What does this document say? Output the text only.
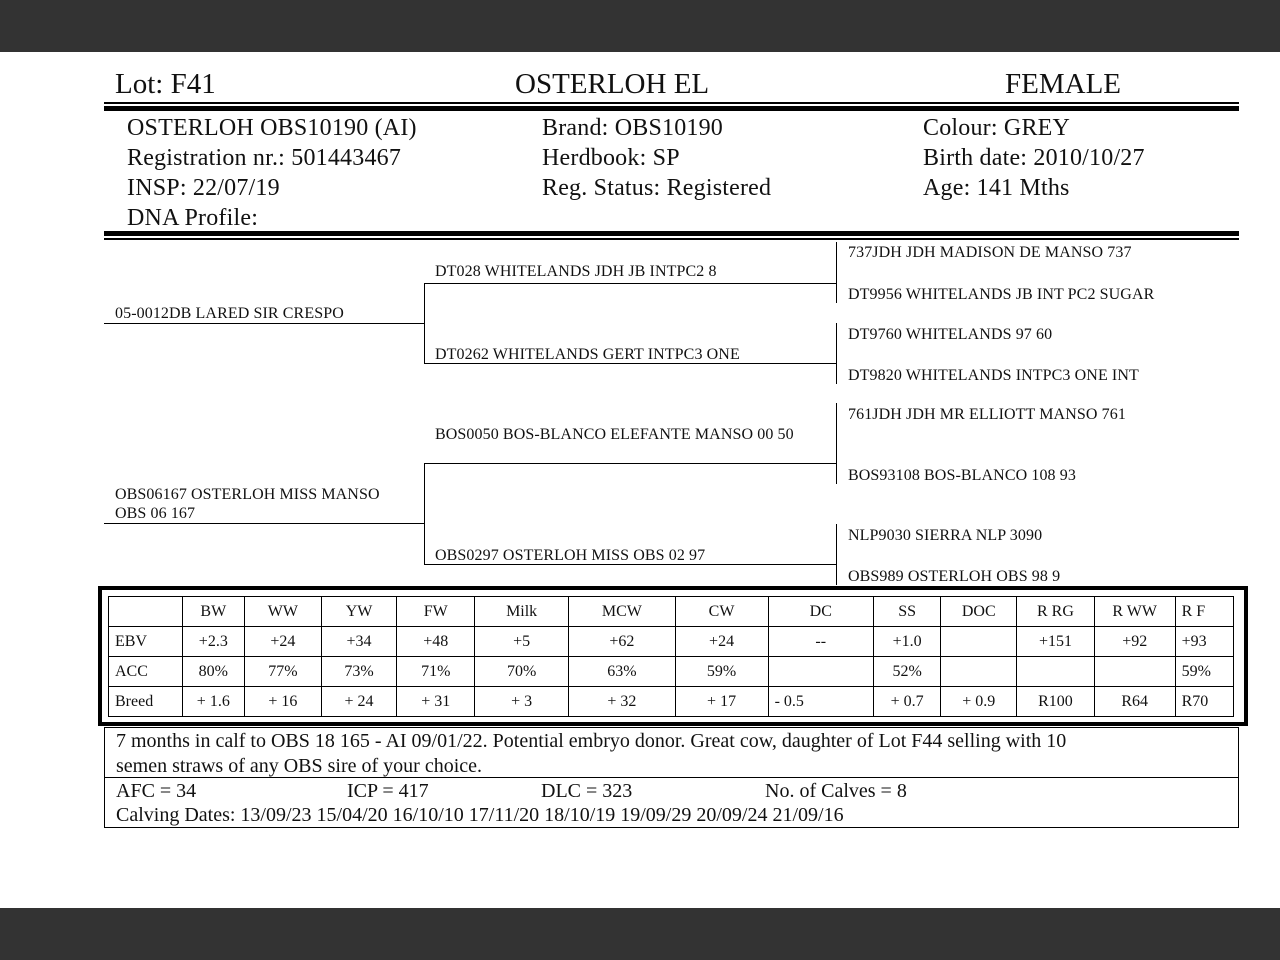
Lot: F41	OSTERLOH EL	FEMALE
OSTERLOH OBS10190 (AI)
Registration nr.: 501443467
INSP: 22/07/19
DNA Profile:
Brand: OBS10190
Herdbook: SP
Reg. Status: Registered
Colour: GREY
Birth date: 2010/10/27
Age: 141 Mths
05-0012DB LARED SIR CRESPO
OBS06167 OSTERLOH MISS MANSO OBS 06 167
DT028 WHITELANDS JDH JB INTPC2 8
DT0262 WHITELANDS GERT INTPC3 ONE
BOS0050 BOS-BLANCO ELEFANTE MANSO 00 50
OBS0297 OSTERLOH MISS OBS 02 97
737JDH JDH MADISON DE MANSO 737
DT9956 WHITELANDS JB INT PC2 SUGAR
DT9760 WHITELANDS 97 60
DT9820 WHITELANDS INTPC3 ONE INT
761JDH JDH MR ELLIOTT MANSO 761
BOS93108 BOS-BLANCO 108 93
NLP9030 SIERRA NLP 3090
OBS989 OSTERLOH OBS 98 9
	BW	WW	YW	FW	Milk	MCW	CW	DC	SS	DOC	R RG	R WW	R F
EBV	+2.3	+24	+34	+48	+5	+62	+24	--	+1.0		+151	+92	+93
ACC	80%	77%	73%	71%	70%	63%	59%		52%				59%
Breed	+ 1.6	+ 16	+ 24	+ 31	+ 3	+ 32	+ 17	- 0.5	+ 0.7	+ 0.9	R100	R64	R70
7 months in calf to OBS 18 165 - AI 09/01/22. Potential embryo donor. Great cow, daughter of Lot F44 selling with 10
semen straws of any OBS sire of your choice.
AFC = 34	ICP = 417	DLC = 323	No. of Calves = 8
Calving Dates: 13/09/23 15/04/20 16/10/10 17/11/20 18/10/19 19/09/29 20/09/24 21/09/16
